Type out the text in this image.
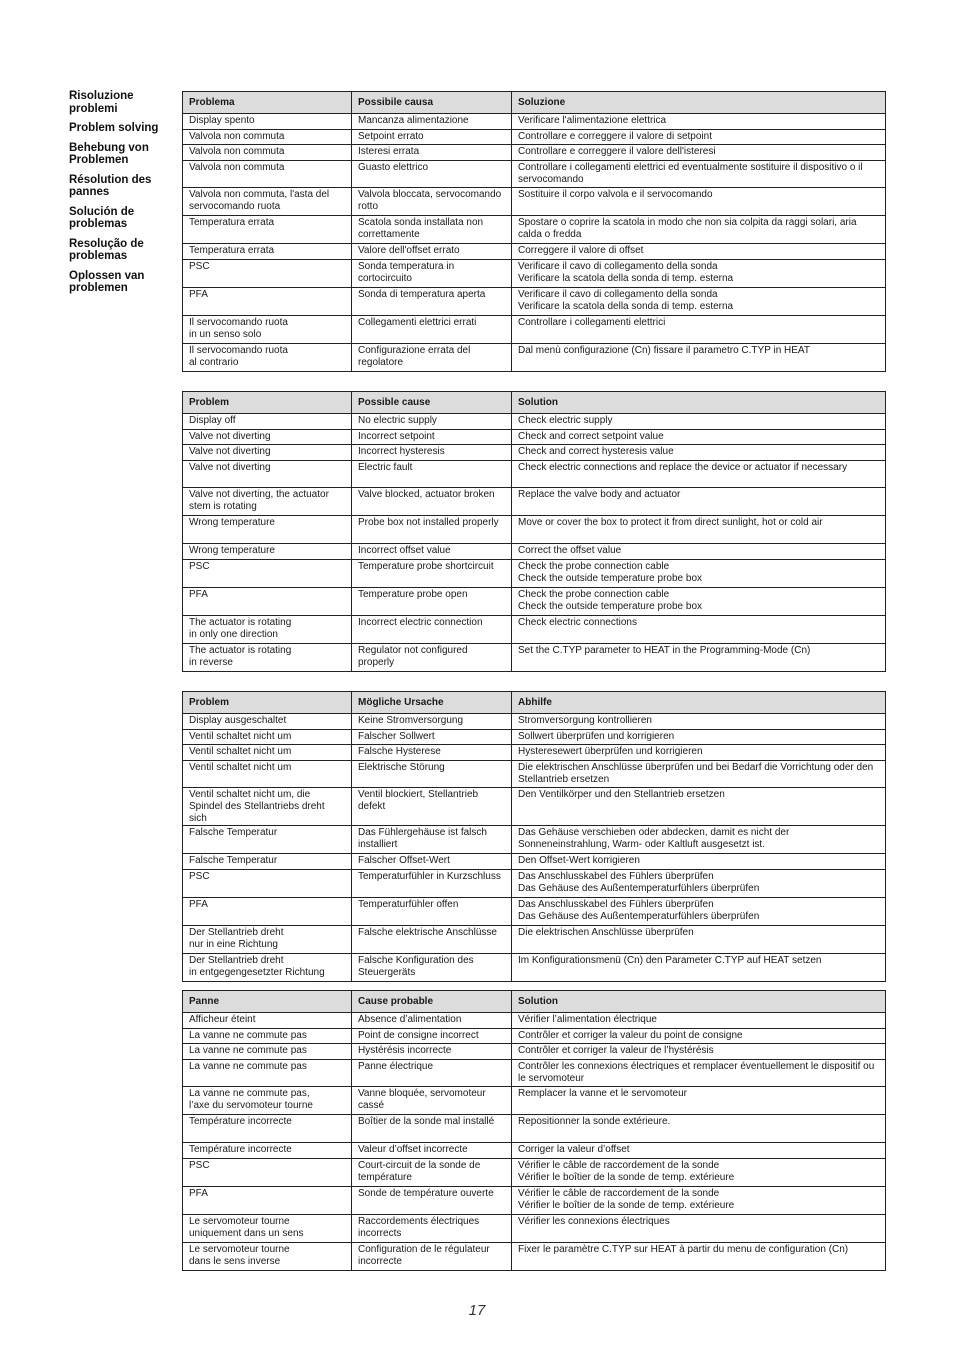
Risoluzione problemi
Problem solving
Behebung von Problemen
Résolution des pannes
Solución de problemas
Resolução de problemas
Oplossen van problemen
Problema	Possibile causa	Soluzione
Display spento	Mancanza alimentazione	Verificare l'alimentazione elettrica
Valvola non commuta	Setpoint errato	Controllare e correggere il valore di setpoint
Valvola non commuta	Isteresi errata	Controllare e correggere il valore dell'isteresi
Valvola non commuta	Guasto elettrico	Controllare i collegamenti elettrici ed eventualmente sostituire il dispositivo o il servocomando
Valvola non commuta, l'asta del servocomando ruota	Valvola bloccata, servocomando rotto	Sostituire il corpo valvola e il servocomando
Temperatura errata	Scatola sonda installata non correttamente	Spostare o coprire la scatola in modo che non sia colpita da raggi solari, aria calda o fredda
Temperatura errata	Valore dell'offset errato	Correggere il valore di offset
PSC	Sonda temperatura in cortocircuito	Verificare il cavo di collegamento della sonda
Verificare la scatola della sonda di temp. esterna
PFA	Sonda di temperatura aperta	Verificare il cavo di collegamento della sonda
Verificare la scatola della sonda di temp. esterna
Il servocomando ruota
in un senso solo	Collegamenti elettrici errati	Controllare i collegamenti elettrici
Il servocomando ruota
al contrario	Configurazione errata del regolatore	Dal menù configurazione (Cn) fissare il parametro C.TYP in HEAT
Problem	Possible cause	Solution
Display off	No electric supply	Check electric supply
Valve not diverting	Incorrect setpoint	Check and correct setpoint value
Valve not diverting	Incorrect hysteresis	Check and correct hysteresis value
Valve not diverting	Electric fault	Check electric connections and replace the device or actuator if necessary
Valve not diverting, the actuator stem is rotating	Valve blocked, actuator broken	Replace the valve body and actuator
Wrong temperature	Probe box not installed properly	Move or cover the box to protect it from direct sunlight, hot or cold air
Wrong temperature	Incorrect offset value	Correct the offset value
PSC	Temperature probe shortcircuit	Check the probe connection cable
Check the outside temperature probe box
PFA	Temperature probe open	Check the probe connection cable
Check the outside temperature probe box
The actuator is rotating
in only one direction	Incorrect electric connection	Check electric connections
The actuator is rotating
in reverse	Regulator not configured properly	Set the C.TYP parameter to HEAT in the Programming-Mode (Cn)
Problem	Mögliche Ursache	Abhilfe
Display ausgeschaltet	Keine Stromversorgung	Stromversorgung kontrollieren
Ventil schaltet nicht um	Falscher Sollwert	Sollwert überprüfen und korrigieren
Ventil schaltet nicht um	Falsche Hysterese	Hysteresewert überprüfen und korrigieren
Ventil schaltet nicht um	Elektrische Störung	Die elektrischen Anschlüsse überprüfen und bei Bedarf die Vorrichtung oder den Stellantrieb ersetzen
Ventil schaltet nicht um, die Spindel des Stellantriebs dreht sich	Ventil blockiert, Stellantrieb defekt	Den Ventilkörper und den Stellantrieb ersetzen
Falsche Temperatur	Das Fühlergehäuse ist falsch installiert	Das Gehäuse verschieben oder abdecken, damit es nicht der Sonneneinstrahlung, Warm- oder Kaltluft ausgesetzt ist.
Falsche Temperatur	Falscher Offset-Wert	Den Offset-Wert korrigieren
PSC	Temperaturfühler in Kurzschluss	Das Anschlusskabel des Fühlers überprüfen
Das Gehäuse des Außentemperaturfühlers überprüfen
PFA	Temperaturfühler offen	Das Anschlusskabel des Fühlers überprüfen
Das Gehäuse des Außentemperaturfühlers überprüfen
Der Stellantrieb dreht
nur in eine Richtung	Falsche elektrische Anschlüsse	Die elektrischen Anschlüsse überprüfen
Der Stellantrieb dreht
in entgegengesetzter Richtung	Falsche Konfiguration des Steuergeräts	Im Konfigurationsmenü (Cn) den Parameter C.TYP auf HEAT setzen
Panne	Cause probable	Solution
Afficheur éteint	Absence d’alimentation	Vérifier l’alimentation électrique
La vanne ne commute pas	Point de consigne incorrect	Contrôler et corriger la valeur du point de consigne
La vanne ne commute pas	Hystérésis incorrecte	Contrôler et corriger la valeur de l’hystérésis
La vanne ne commute pas	Panne électrique	Contrôler les connexions électriques et remplacer éventuellement le dispositif ou le servomoteur
La vanne ne commute pas,
l’axe du servomoteur tourne	Vanne bloquée, servomoteur cassé	Remplacer la vanne et le servomoteur
Température incorrecte	Boîtier de la sonde mal installé	Repositionner la sonde extérieure.
Température incorrecte	Valeur d’offset incorrecte	Corriger la valeur d’offset
PSC	Court-circuit de la sonde de température	Vérifier le câble de raccordement de la sonde
Vérifier le boîtier de la sonde de temp. extérieure
PFA	Sonde de température ouverte	Vérifier le câble de raccordement de la sonde
Vérifier le boîtier de la sonde de temp. extérieure
Le servomoteur tourne
uniquement dans un sens	Raccordements électriques incorrects	Vérifier les connexions électriques
Le servomoteur tourne
dans le sens inverse	Configuration de le régulateur incorrecte	Fixer le paramètre C.TYP sur HEAT à partir du menu de configuration (Cn)
17
